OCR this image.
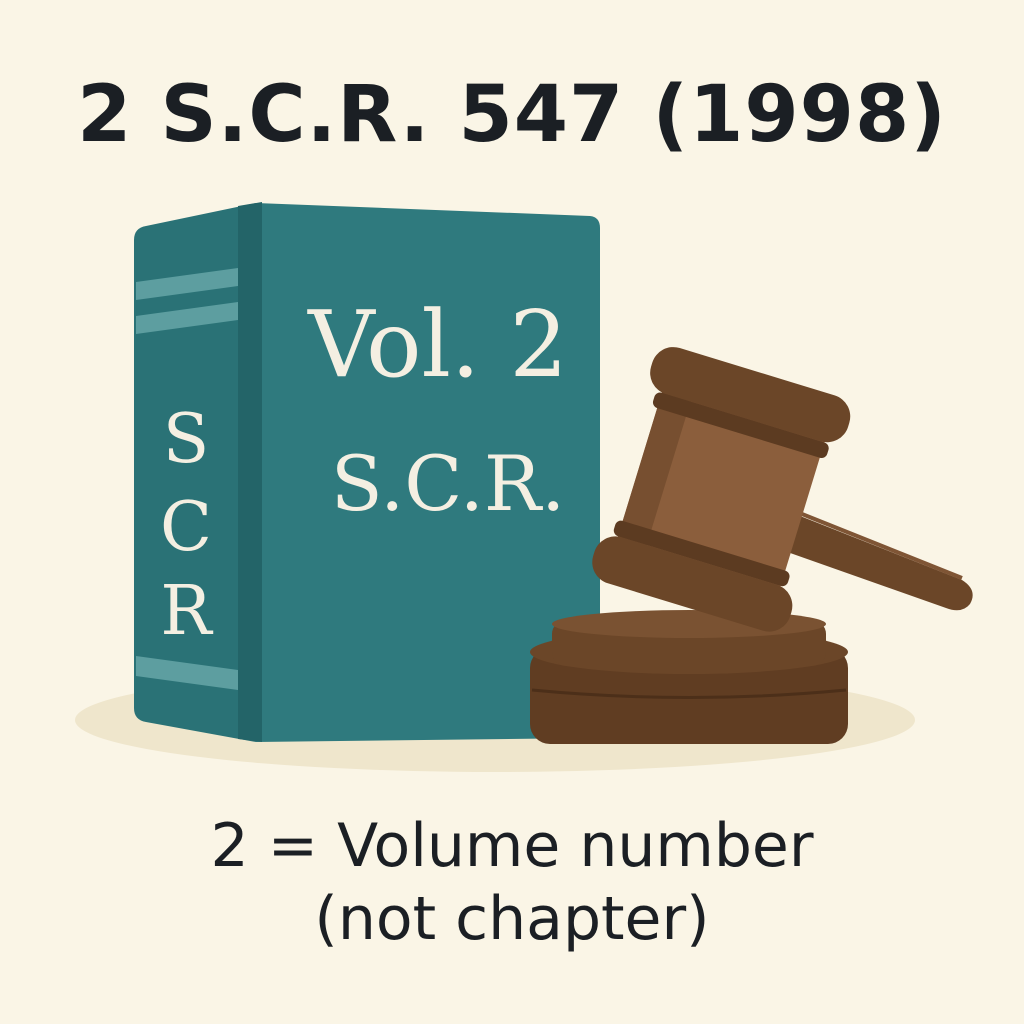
2 S.C.R. 547 (1998)
S
C
R
Vol. 2
S.C.R.
2 = Volume number
(not chapter)
